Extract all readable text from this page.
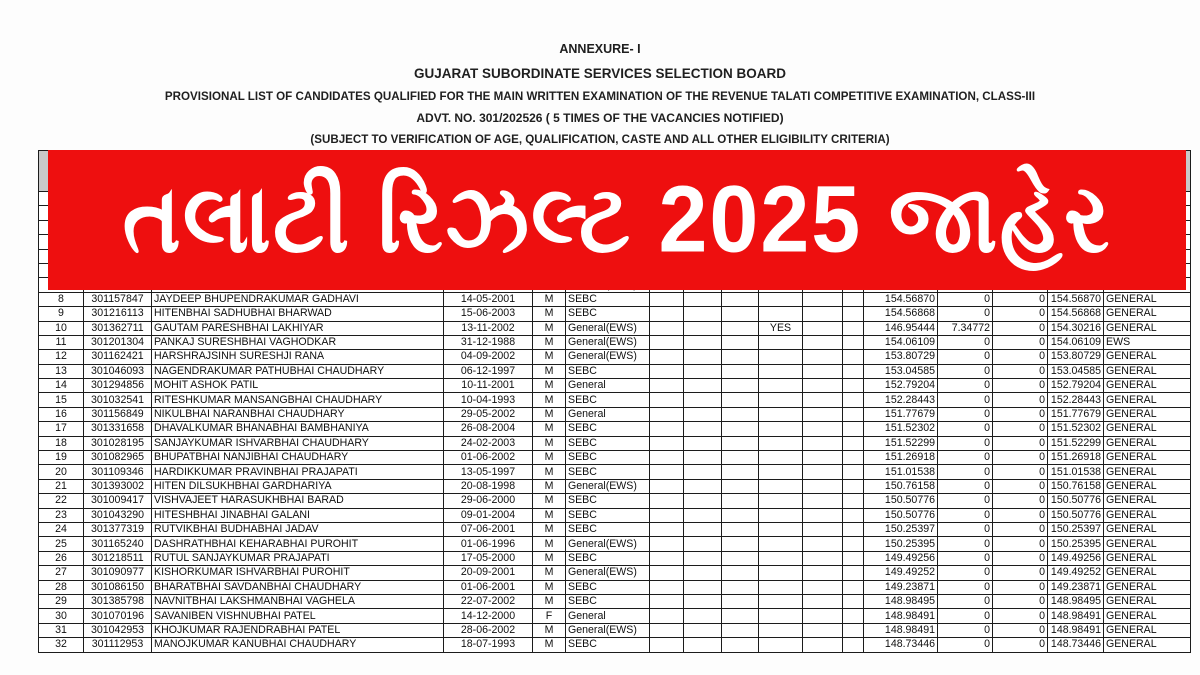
ANNEXURE- I
GUJARAT SUBORDINATE SERVICES SELECTION BOARD
PROVISIONAL LIST OF CANDIDATES QUALIFIED FOR THE MAIN WRITTEN EXAMINATION OF THE REVENUE TALATI COMPETITIVE EXAMINATION, CLASS-III
ADVT. NO. 301/202526 ( 5 TIMES OF THE VACANCIES NOTIFIED)
(SUBJECT TO VERIFICATION OF AGE, QUALIFICATION, CASTE AND ALL OTHER ELIGIBILITY CRITERIA)

8	301157847	JAYDEEP BHUPENDRAKUMAR GADHAVI	14-05-2001	M	SEBC							154.56870	0	0	154.56870	GENERAL
9	301216113	HITENBHAI SADHUBHAI BHARWAD	15-06-2003	M	SEBC							154.56868	0	0	154.56868	GENERAL
10	301362711	GAUTAM PARESHBHAI LAKHIYAR	13-11-2002	M	General(EWS)				YES			146.95444	7.34772	0	154.30216	GENERAL
11	301201304	PANKAJ SURESHBHAI VAGHODKAR	31-12-1988	M	General(EWS)							154.06109	0	0	154.06109	EWS
12	301162421	HARSHRAJSINH SURESHJI RANA	04-09-2002	M	General(EWS)							153.80729	0	0	153.80729	GENERAL
13	301046093	NAGENDRAKUMAR PATHUBHAI CHAUDHARY	06-12-1997	M	SEBC							153.04585	0	0	153.04585	GENERAL
14	301294856	MOHIT ASHOK PATIL	10-11-2001	M	General							152.79204	0	0	152.79204	GENERAL
15	301032541	RITESHKUMAR MANSANGBHAI CHAUDHARY	10-04-1993	M	SEBC							152.28443	0	0	152.28443	GENERAL
16	301156849	NIKULBHAI NARANBHAI CHAUDHARY	29-05-2002	M	General							151.77679	0	0	151.77679	GENERAL
17	301331658	DHAVALKUMAR BHANABHAI BAMBHANIYA	26-08-2004	M	SEBC							151.52302	0	0	151.52302	GENERAL
18	301028195	SANJAYKUMAR ISHVARBHAI CHAUDHARY	24-02-2003	M	SEBC							151.52299	0	0	151.52299	GENERAL
19	301082965	BHUPATBHAI NANJIBHAI CHAUDHARY	01-06-2002	M	SEBC							151.26918	0	0	151.26918	GENERAL
20	301109346	HARDIKKUMAR PRAVINBHAI PRAJAPATI	13-05-1997	M	SEBC							151.01538	0	0	151.01538	GENERAL
21	301393002	HITEN DILSUKHBHAI GARDHARIYA	20-08-1998	M	General(EWS)							150.76158	0	0	150.76158	GENERAL
22	301009417	VISHVAJEET HARASUKHBHAI BARAD	29-06-2000	M	SEBC							150.50776	0	0	150.50776	GENERAL
23	301043290	HITESHBHAI JINABHAI GALANI	09-01-2004	M	SEBC							150.50776	0	0	150.50776	GENERAL
24	301377319	RUTVIKBHAI BUDHABHAI JADAV	07-06-2001	M	SEBC							150.25397	0	0	150.25397	GENERAL
25	301165240	DASHRATHBHAI KEHARABHAI PUROHIT	01-06-1996	M	General(EWS)							150.25395	0	0	150.25395	GENERAL
26	301218511	RUTUL SANJAYKUMAR PRAJAPATI	17-05-2000	M	SEBC							149.49256	0	0	149.49256	GENERAL
27	301090977	KISHORKUMAR ISHVARBHAI PUROHIT	20-09-2001	M	General(EWS)							149.49252	0	0	149.49252	GENERAL
28	301086150	BHARATBHAI SAVDANBHAI CHAUDHARY	01-06-2001	M	SEBC							149.23871	0	0	149.23871	GENERAL
29	301385798	NAVNITBHAI LAKSHMANBHAI VAGHELA	22-07-2002	M	SEBC							148.98495	0	0	148.98495	GENERAL
30	301070196	SAVANIBEN VISHNUBHAI PATEL	14-12-2000	F	General							148.98491	0	0	148.98491	GENERAL
31	301042953	KHOJKUMAR RAJENDRABHAI PATEL	28-06-2002	M	General(EWS)							148.98491	0	0	148.98491	GENERAL
32	301112953	MANOJKUMAR KANUBHAI CHAUDHARY	18-07-1993	M	SEBC							148.73446	0	0	148.73446	GENERAL
તલાટી રિઝલ્ટ 2025 જાહેર
